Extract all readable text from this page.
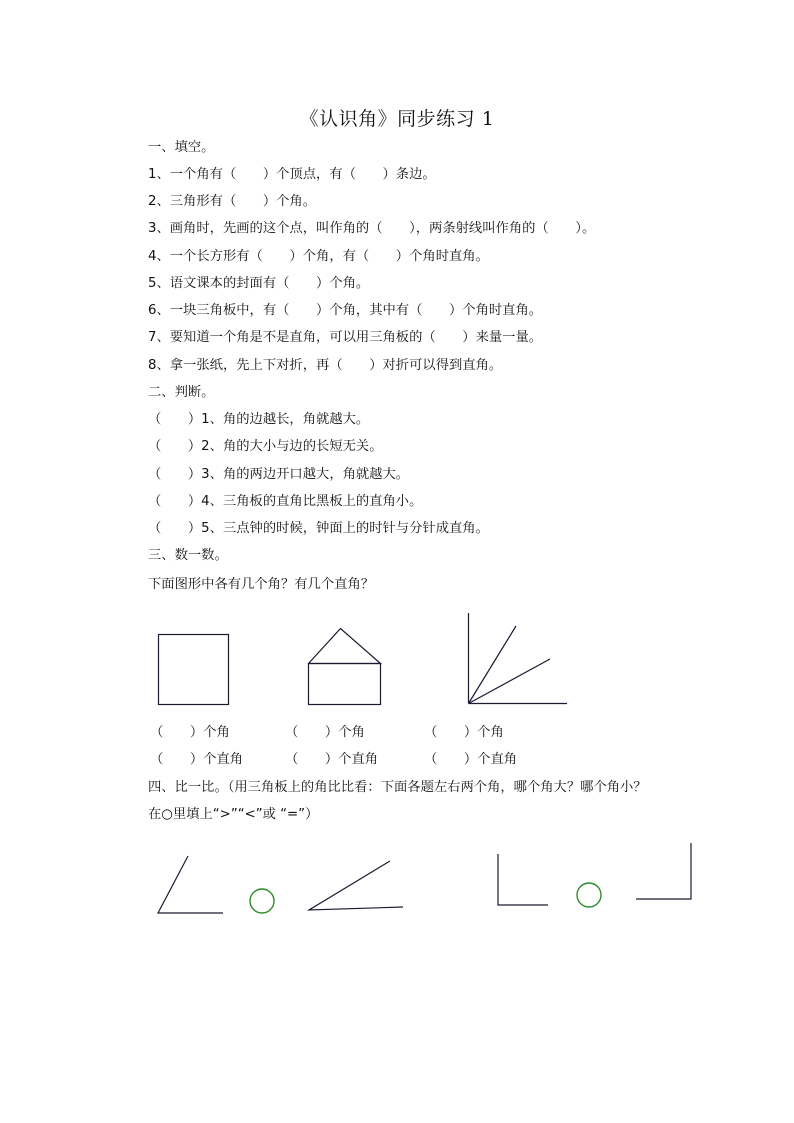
《认识角》同步练习 1
一、填空。
1、一个角有（　　）个顶点，有（　　）条边。
2、三角形有（　　）个角。
3、画角时，先画的这个点，叫作角的（　　），两条射线叫作角的（　　）。
4、一个长方形有（　　）个角，有（　　）个角时直角。
5、语文课本的封面有（　　）个角。
6、一块三角板中，有（　　）个角，其中有（　　）个角时直角。
7、要知道一个角是不是直角，可以用三角板的（　　）来量一量。
8、拿一张纸，先上下对折，再（　　）对折可以得到直角。
二、判断。
（　　）1、角的边越长，角就越大。
（　　）2、角的大小与边的长短无关。
（　　）3、角的两边开口越大，角就越大。
（　　）4、三角板的直角比黑板上的直角小。
（　　）5、三点钟的时候，钟面上的时针与分针成直角。
三、数一数。
下面图形中各有几个角？有几个直角？
（　　）个角	（　　）个角	（　　）个角
（　　）个直角	（　　）个直角	（　　）个直角
四、比一比。（用三角板上的角比比看：下面各题左右两个角，哪个角大？哪个角小？
在○里填上“>”“<”或 “=”）
